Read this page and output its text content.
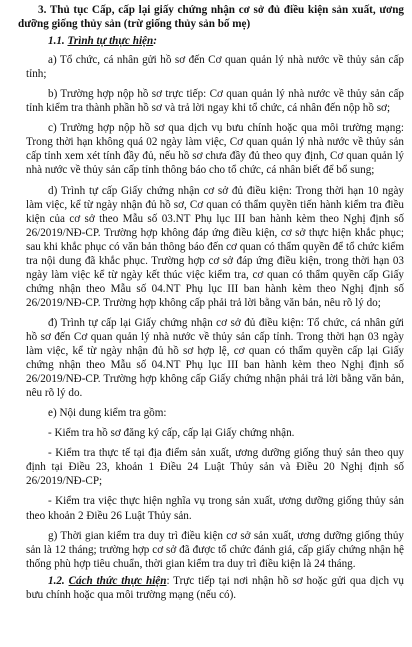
3. Thủ tục Cấp, cấp lại giấy chứng nhận cơ sở đủ điều kiện sản xuất, ương dưỡng giống thủy sản (trừ giống thủy sản bố mẹ)

1.1. Trình tự thực hiện:

a) Tổ chức, cá nhân gửi hồ sơ đến Cơ quan quản lý nhà nước về thủy sản cấp tỉnh;

b) Trường hợp nộp hồ sơ trực tiếp: Cơ quan quản lý nhà nước về thủy sản cấp tỉnh kiểm tra thành phần hồ sơ và trả lời ngay khi tổ chức, cá nhân đến nộp hồ sơ;

c) Trường hợp nộp hồ sơ qua dịch vụ bưu chính hoặc qua môi trường mạng: Trong thời hạn không quá 02 ngày làm việc, Cơ quan quản lý nhà nước về thủy sản cấp tỉnh xem xét tính đầy đủ, nếu hồ sơ chưa đầy đủ theo quy định, Cơ quan quản lý nhà nước về thủy sản cấp tỉnh thông báo cho tổ chức, cá nhân biết để bổ sung;

d) Trình tự cấp Giấy chứng nhận cơ sở đủ điều kiện: Trong thời hạn 10 ngày làm việc, kể từ ngày nhận đủ hồ sơ, Cơ quan có thẩm quyền tiến hành kiểm tra điều kiện của cơ sở theo Mẫu số 03.NT Phụ lục III ban hành kèm theo Nghị định số 26/2019/NĐ-CP. Trường hợp không đáp ứng điều kiện, cơ sở thực hiện khắc phục; sau khi khắc phục có văn bản thông báo đến cơ quan có thẩm quyền để tổ chức kiểm tra nội dung đã khắc phục. Trường hợp cơ sở đáp ứng điều kiện, trong thời hạn 03 ngày làm việc kể từ ngày kết thúc việc kiểm tra, cơ quan có thẩm quyền cấp Giấy chứng nhận theo Mẫu số 04.NT Phụ lục III ban hành kèm theo Nghị định số 26/2019/NĐ-CP. Trường hợp không cấp phải trả lời bằng văn bản, nêu rõ lý do;

đ) Trình tự cấp lại Giấy chứng nhận cơ sở đủ điều kiện: Tổ chức, cá nhân gửi hồ sơ đến Cơ quan quản lý nhà nước về thủy sản cấp tỉnh. Trong thời hạn 03 ngày làm việc, kể từ ngày nhận đủ hồ sơ hợp lệ, cơ quan có thẩm quyền cấp lại Giấy chứng nhận theo Mẫu số 04.NT Phụ lục III ban hành kèm theo Nghị định số 26/2019/NĐ-CP. Trường hợp không cấp Giấy chứng nhận phải trả lời bằng văn bản, nêu rõ lý do.

e) Nội dung kiểm tra gồm:

- Kiểm tra hồ sơ đăng ký cấp, cấp lại Giấy chứng nhận.

- Kiểm tra thực tế tại địa điểm sản xuất, ương dưỡng giống thuỷ sản theo quy định tại Điều 23, khoản 1 Điều 24 Luật Thủy sản và Điều 20 Nghị định số 26/2019/NĐ-CP;

- Kiểm tra việc thực hiện nghĩa vụ trong sản xuất, ương dưỡng giống thủy sản theo khoản 2 Điều 26 Luật Thủy sản.

g) Thời gian kiểm tra duy trì điều kiện cơ sở sản xuất, ương dưỡng giống thủy sản là 12 tháng; trường hợp cơ sở đã được tổ chức đánh giá, cấp giấy chứng nhận hệ thống phù hợp tiêu chuẩn, thời gian kiểm tra duy trì điều kiện là 24 tháng.

1.2. Cách thức thực hiện: Trực tiếp tại nơi nhận hồ sơ hoặc gửi qua dịch vụ bưu chính hoặc qua môi trường mạng (nếu có).
